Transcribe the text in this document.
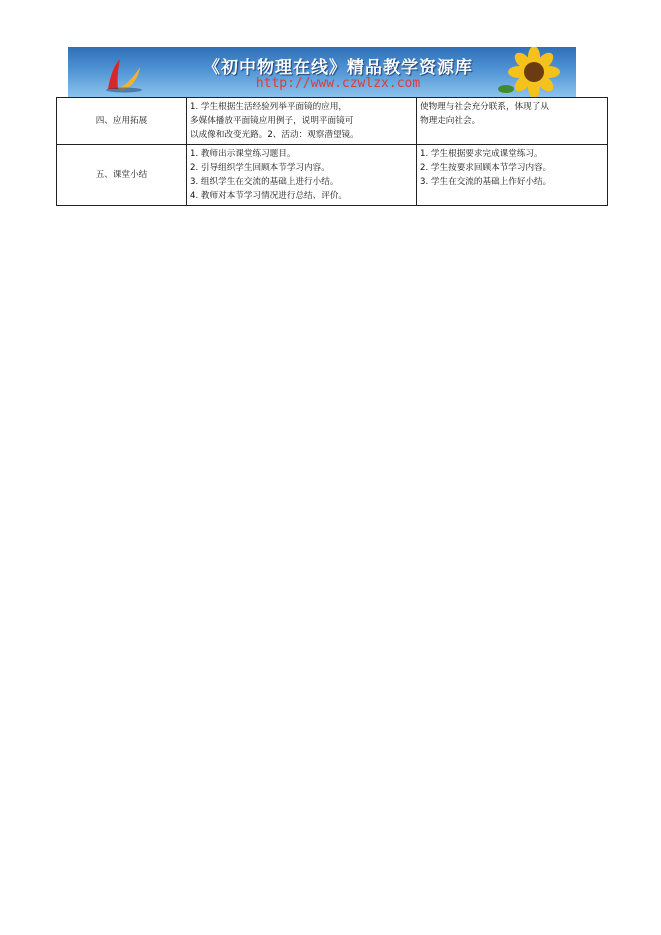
《初中物理在线》精品教学资源库
http://www.czwlzx.com
四、应用拓展	1. 学生根据生活经验列举平面镜的应用，
多媒体播放平面镜应用例子，说明平面镜可
以成像和改变光路。2、活动：观察潜望镜。	使物理与社会充分联系，体现了从
物理走向社会。

五、课堂小结	1. 教师出示课堂练习题目。
2. 引导组织学生回顾本节学习内容。
3. 组织学生在交流的基础上进行小结。
4. 教师对本节学习情况进行总结、评价。	1. 学生根据要求完成课堂练习。
2. 学生按要求回顾本节学习内容。
3. 学生在交流的基础上作好小结。
